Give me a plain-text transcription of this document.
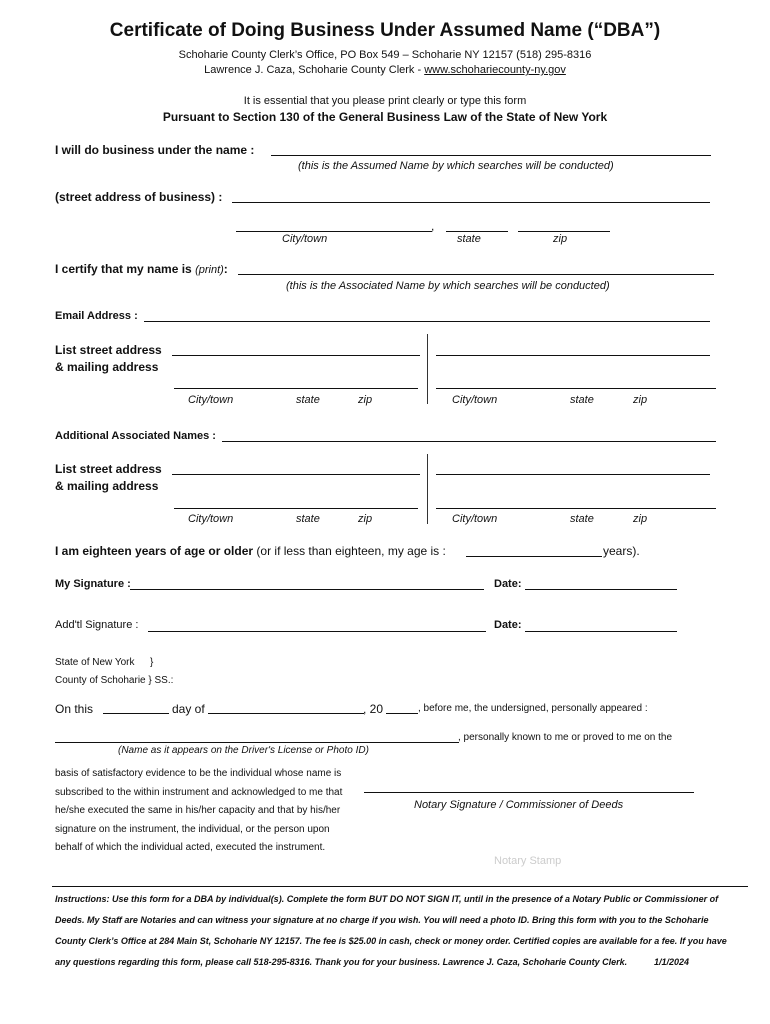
Certificate of Doing Business Under Assumed Name (“DBA”)
Schoharie County Clerk’s Office, PO Box 549 – Schoharie NY 12157 (518) 295-8316
Lawrence J. Caza, Schoharie County Clerk - www.schohariecounty-ny.gov
It is essential that you please print clearly or type this form
Pursuant to Section 130 of the General Business Law of the State of New York
I will do business under the name :
(this is the Assumed Name by which searches will be conducted)
(street address of business) :
,
City/town	state	zip
I certify that my name is (print):
(this is the Associated Name by which searches will be conducted)
Email Address :
List street address
& mailing address
City/town	state	zip	City/town	state	zip
Additional Associated Names :
List street address
& mailing address
City/town	state	zip	City/town	state	zip
I am eighteen years of age or older (or if less than eighteen, my age is :	years).
My Signature :	Date:
Add'tl Signature :	Date:
State of New York }
County of Schoharie } SS.:
On this	day of	, 20	, before me, the undersigned, personally appeared :
, personally known to me or proved to me on the
(Name as it appears on the Driver's License or Photo ID)
basis of satisfactory evidence to be the individual whose name is
subscribed to the within instrument and acknowledged to me that
he/she executed the same in his/her capacity and that by his/her
signature on the instrument, the individual, or the person upon
behalf of which the individual acted, executed the instrument.
Notary Signature / Commissioner of Deeds
Notary Stamp
Instructions: Use this form for a DBA by individual(s). Complete the form BUT DO NOT SIGN IT, until in the presence of a Notary Public or Commissioner of
Deeds. My Staff are Notaries and can witness your signature at no charge if you wish. You will need a photo ID. Bring this form with you to the Schoharie
County Clerk’s Office at 284 Main St, Schoharie NY 12157. The fee is $25.00 in cash, check or money order. Certified copies are available for a fee. If you have
any questions regarding this form, please call 518-295-8316. Thank you for your business. Lawrence J. Caza, Schoharie County Clerk.	1/1/2024
